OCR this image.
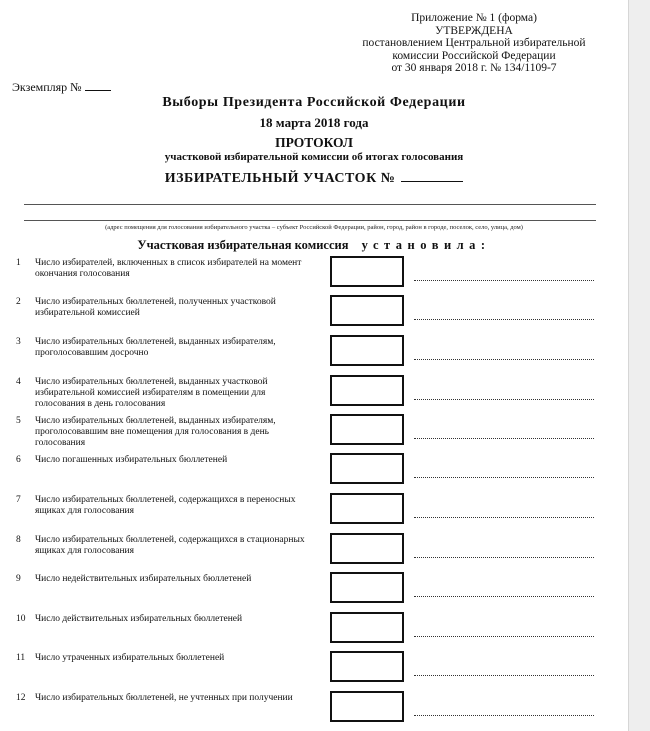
Приложение № 1 (форма)
УТВЕРЖДЕНА
постановлением Центральной избирательной
комиссии Российской Федерации
от 30 января 2018 г. № 134/1109-7
Экземпляр №
Выборы Президента Российской Федерации
18 марта 2018 года
ПРОТОКОЛ
участковой избирательной комиссии об итогах голосования
ИЗБИРАТЕЛЬНЫЙ УЧАСТОК №
(адрес помещения для голосования избирательного участка – субъект Российской Федерации, район, город, район в городе, поселок, село, улица, дом)
Участковая избирательная комиссия установила:
1 Число избирателей, включенных в список избирателей на момент окончания голосования
2 Число избирательных бюллетеней, полученных участковой избирательной комиссией
3 Число избирательных бюллетеней, выданных избирателям, проголосовавшим досрочно
4 Число избирательных бюллетеней, выданных участковой избирательной комиссией избирателям в помещении для голосования в день голосования
5 Число избирательных бюллетеней, выданных избирателям, проголосовавшим вне помещения для голосования в день голосования
6 Число погашенных избирательных бюллетеней
7 Число избирательных бюллетеней, содержащихся в переносных ящиках для голосования
8 Число избирательных бюллетеней, содержащихся в стационарных ящиках для голосования
9 Число недействительных избирательных бюллетеней
10 Число действительных избирательных бюллетеней
11 Число утраченных избирательных бюллетеней
12 Число избирательных бюллетеней, не учтенных при получении
